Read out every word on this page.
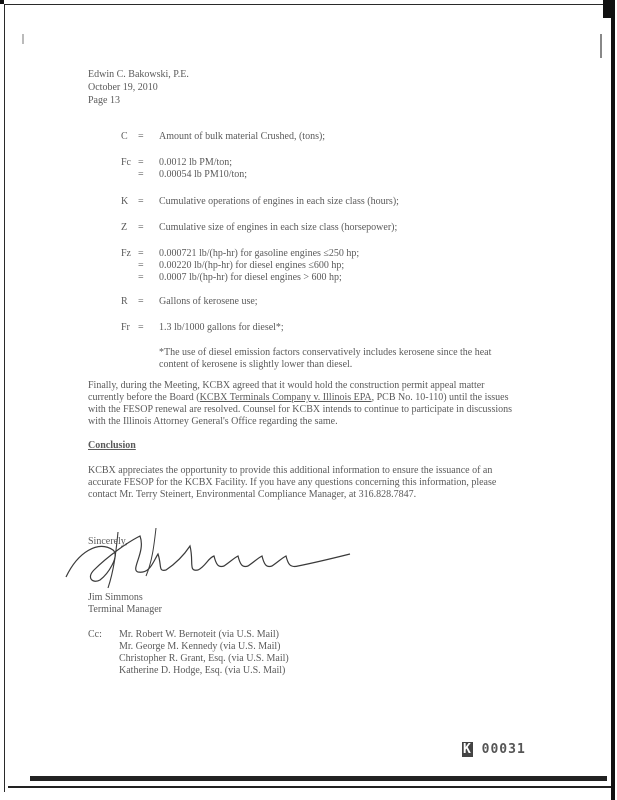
Edwin C. Bakowski, P.E.
October 19, 2010
Page 13
C = Amount of bulk material Crushed, (tons);
Fc = 0.0012 lb PM/ton;
= 0.00054 lb PM10/ton;
K = Cumulative operations of engines in each size class (hours);
Z = Cumulative size of engines in each size class (horsepower);
Fz = 0.000721 lb/(hp-hr) for gasoline engines ≤250 hp;
= 0.00220 lb/(hp-hr) for diesel engines ≤600 hp;
= 0.0007 lb/(hp-hr) for diesel engines > 600 hp;
R = Gallons of kerosene use;
Fr = 1.3 lb/1000 gallons for diesel*;
*The use of diesel emission factors conservatively includes kerosene since the heat content of kerosene is slightly lower than diesel.
Finally, during the Meeting, KCBX agreed that it would hold the construction permit appeal matter currently before the Board (KCBX Terminals Company v. Illinois EPA, PCB No. 10-110) until the issues with the FESOP renewal are resolved. Counsel for KCBX intends to continue to participate in discussions with the Illinois Attorney General's Office regarding the same.
Conclusion
KCBX appreciates the opportunity to provide this additional information to ensure the issuance of an accurate FESOP for the KCBX Facility. If you have any questions concerning this information, please contact Mr. Terry Steinert, Environmental Compliance Manager, at 316.828.7847.
Sincerely,
Jim Simmons
Terminal Manager
Cc: Mr. Robert W. Bernoteit (via U.S. Mail)
Mr. George M. Kennedy (via U.S. Mail)
Christopher R. Grant, Esq. (via U.S. Mail)
Katherine D. Hodge, Esq. (via U.S. Mail)
K 00031
